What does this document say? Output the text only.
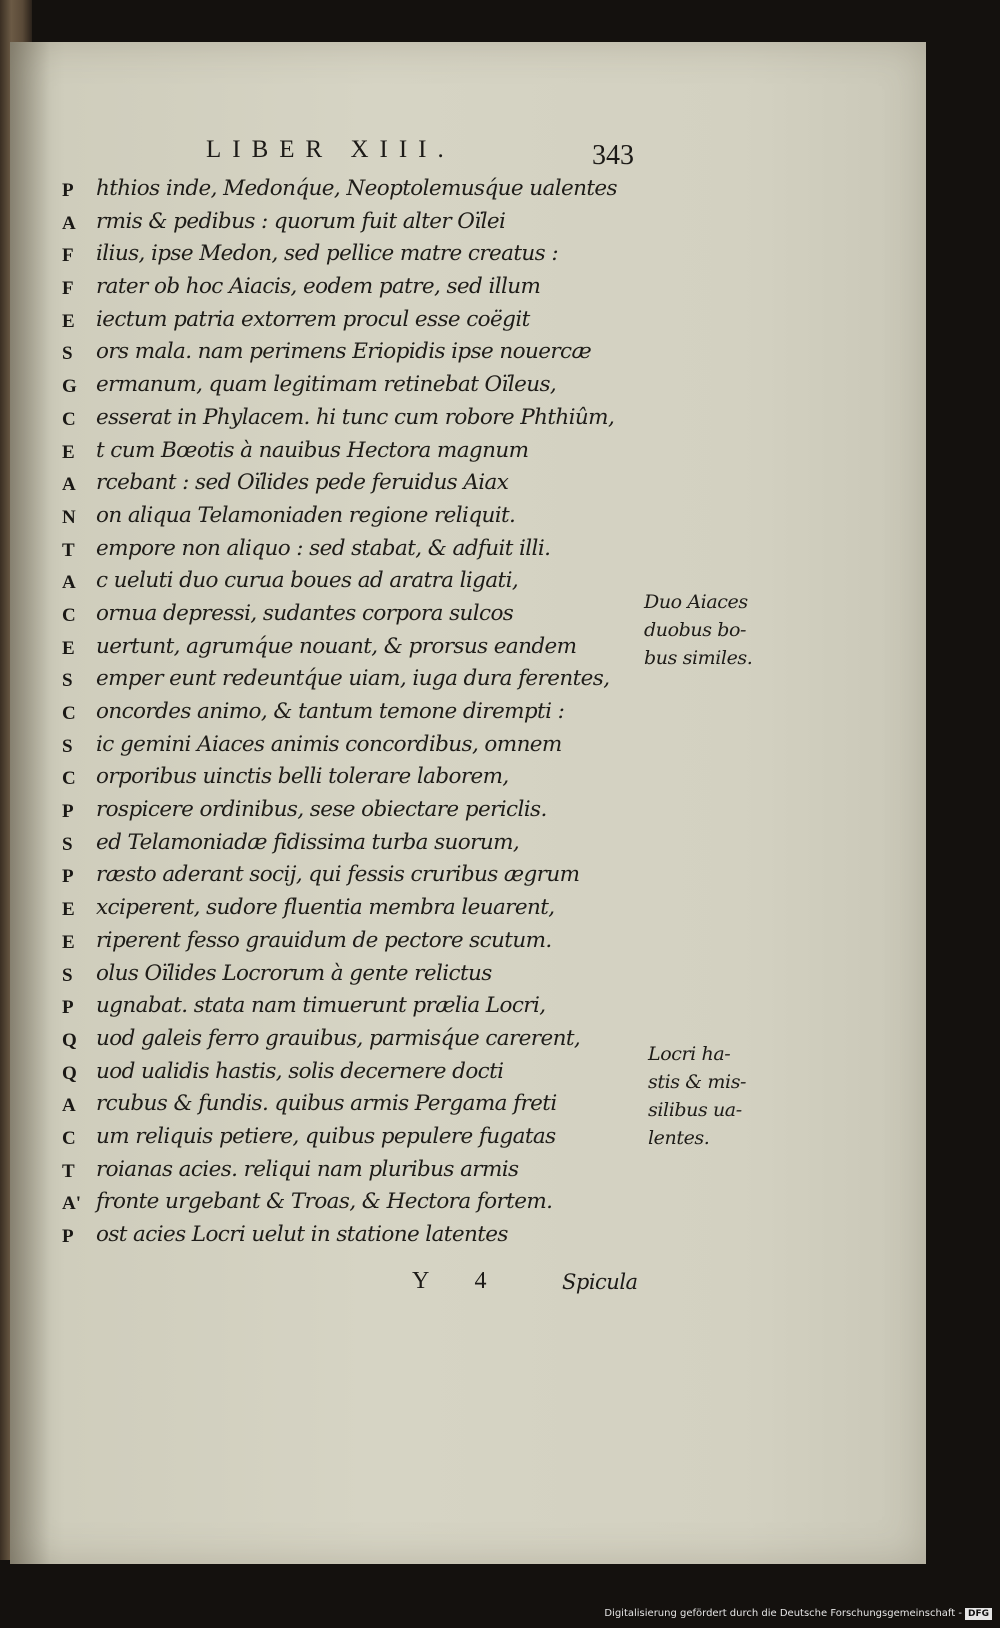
LIBER XIII.	343
P	hthios inde, Medonq́ue, Neoptolemusq́ue ualentes
A rmis & pedibus : quorum fuit alter Oïlei
F	ilius, ipse Medon, sed pellice matre creatus :
F	rater ob hoc Aiacis, eodem patre, sed illum
E iectum patria extorrem procul esse coëgit
S	ors mala. nam perimens Eriopidis ipse nouercæ
G ermanum, quam legitimam retinebat Oïleus,
C esserat in Phylacem. hi tunc cum robore Phthiûm,
E t cum Bœotis à nauibus Hectora magnum
A rcebant : sed Oïlides pede feruidus Aiax
N on aliqua Telamoniaden regione reliquit.
T empore non aliquo : sed stabat, & adfuit illi.
A c ueluti duo curua boues ad aratra ligati,
C ornua depressi, sudantes corpora sulcos
E uertunt, agrumq́ue nouant, & prorsus eandem
S	emper eunt redeuntq́ue uiam, iuga dura ferentes,
C oncordes animo, & tantum temone dirempti :
S	ic gemini Aiaces animis concordibus, omnem
C orporibus uinctis belli tolerare laborem,
P	rospicere ordinibus, sese obiectare periclis.
S	ed Telamoniadæ fidissima turba suorum,
P	ræsto aderant socij, qui fessis cruribus ægrum
E xciperent, sudore fluentia membra leuarent,
E riperent fesso grauidum de pectore scutum.
S	olus Oïlides Locrorum à gente relictus
P	ugnabat. stata nam timuerunt prælia Locri,
Q uod galeis ferro grauibus, parmisq́ue carerent,
Q uod ualidis hastis, solis decernere docti
A rcubus & fundis. quibus armis Pergama freti
C um reliquis petiere, quibus pepulere fugatas
T roianas acies. reliqui nam pluribus armis
A' fronte urgebant & Troas, & Hectora fortem.
P	ost acies Locri uelut in statione latentes
Duo Aiaces
duobus bo-
bus similes.
Locri ha-
stis & mis-
silibus ua-
lentes.
Y 4	Spicula
Digitalisierung gefördert durch die Deutsche Forschungsgemeinschaft - DFG
